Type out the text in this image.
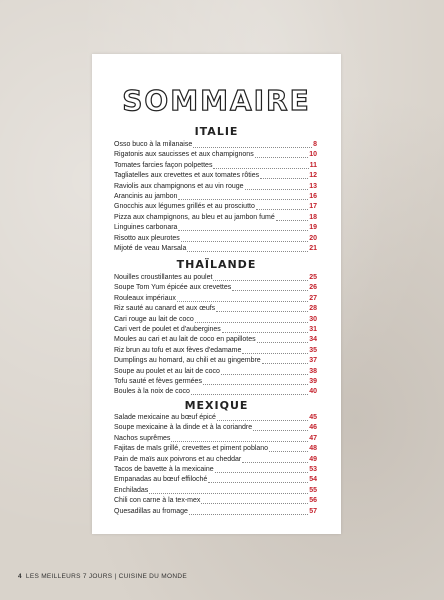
SOMMAIRE
ITALIE
Osso buco à la milanaise	8
Rigatonis aux saucisses et aux champignons	10
Tomates farcies façon polpettes	11
Tagliatelles aux crevettes et aux tomates rôties	12
Raviolis aux champignons et au vin rouge	13
Arancinis au jambon	16
Gnocchis aux légumes grillés et au prosciutto	17
Pizza aux champignons, au bleu et au jambon fumé	18
Linguines carbonara	19
Risotto aux pleurotes	20
Mijoté de veau Marsala	21
THAÏLANDE
Nouilles croustillantes au poulet	25
Soupe Tom Yum épicée aux crevettes	26
Rouleaux impériaux	27
Riz sauté au canard et aux œufs	28
Cari rouge au lait de coco	30
Cari vert de poulet et d'aubergines	31
Moules au cari et au lait de coco en papillotes	34
Riz brun au tofu et aux fèves d'edamame	35
Dumplings au homard, au chili et au gingembre	37
Soupe au poulet et au lait de coco	38
Tofu sauté et fèves germées	39
Boules à la noix de coco	40
MEXIQUE
Salade mexicaine au bœuf épicé	45
Soupe mexicaine à la dinde et à la coriandre	46
Nachos suprêmes	47
Fajitas de maïs grillé, crevettes et piment poblano	48
Pain de maïs aux poivrons et au cheddar	49
Tacos de bavette à la mexicaine	53
Empanadas au bœuf effiloché	54
Enchiladas	55
Chili con carne à la tex-mex	56
Quesadillas au fromage	57
4 LES MEILLEURS 7 JOURS | CUISINE DU MONDE
